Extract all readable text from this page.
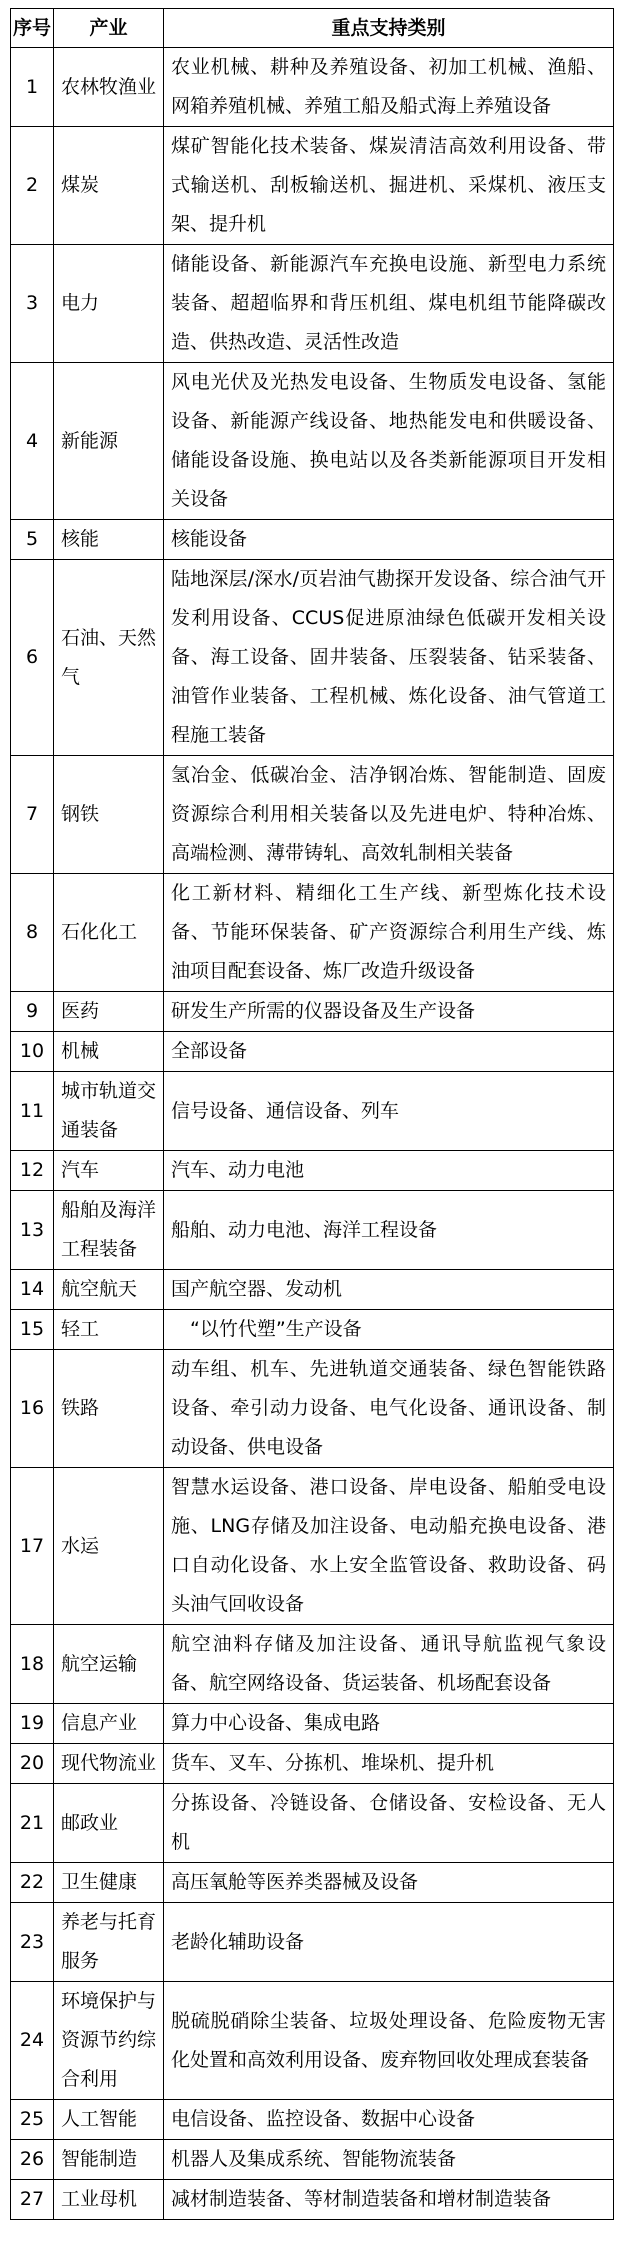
序号	产业	重点支持类别
1	农林牧渔业	农业机械、耕种及养殖设备、初加工机械、渔船、网箱养殖机械、养殖工船及船式海上养殖设备
2	煤炭	煤矿智能化技术装备、煤炭清洁高效利用设备、带式输送机、刮板输送机、掘进机、采煤机、液压支架、提升机
3	电力	储能设备、新能源汽车充换电设施、新型电力系统装备、超超临界和背压机组、煤电机组节能降碳改造、供热改造、灵活性改造
4	新能源	风电光伏及光热发电设备、生物质发电设备、氢能设备、新能源产线设备、地热能发电和供暖设备、储能设备设施、换电站以及各类新能源项目开发相关设备
5	核能	核能设备
6	石油、天然气	陆地深层/深水/页岩油气勘探开发设备、综合油气开发利用设备、CCUS促进原油绿色低碳开发相关设备、海工设备、固井装备、压裂装备、钻采装备、油管作业装备、工程机械、炼化设备、油气管道工程施工装备
7	钢铁	氢冶金、低碳冶金、洁净钢冶炼、智能制造、固废资源综合利用相关装备以及先进电炉、特种冶炼、高端检测、薄带铸轧、高效轧制相关装备
8	石化化工	化工新材料、精细化工生产线、新型炼化技术设备、节能环保装备、矿产资源综合利用生产线、炼油项目配套设备、炼厂改造升级设备
9	医药	研发生产所需的仪器设备及生产设备
10	机械	全部设备
11	城市轨道交通装备	信号设备、通信设备、列车
12	汽车	汽车、动力电池
13	船舶及海洋工程装备	船舶、动力电池、海洋工程设备
14	航空航天	国产航空器、发动机
15	轻工	　“以竹代塑”生产设备
16	铁路	动车组、机车、先进轨道交通装备、绿色智能铁路设备、牵引动力设备、电气化设备、通讯设备、制动设备、供电设备
17	水运	智慧水运设备、港口设备、岸电设备、船舶受电设施、LNG存储及加注设备、电动船充换电设备、港口自动化设备、水上安全监管设备、救助设备、码头油气回收设备
18	航空运输	航空油料存储及加注设备、通讯导航监视气象设备、航空网络设备、货运装备、机场配套设备
19	信息产业	算力中心设备、集成电路
20	现代物流业	货车、叉车、分拣机、堆垛机、提升机
21	邮政业	分拣设备、冷链设备、仓储设备、安检设备、无人机
22	卫生健康	高压氧舱等医养类器械及设备
23	养老与托育服务	老龄化辅助设备
24	环境保护与资源节约综合利用	脱硫脱硝除尘装备、垃圾处理设备、危险废物无害化处置和高效利用设备、废弃物回收处理成套装备
25	人工智能	电信设备、监控设备、数据中心设备
26	智能制造	机器人及集成系统、智能物流装备
27	工业母机	减材制造装备、等材制造装备和增材制造装备
